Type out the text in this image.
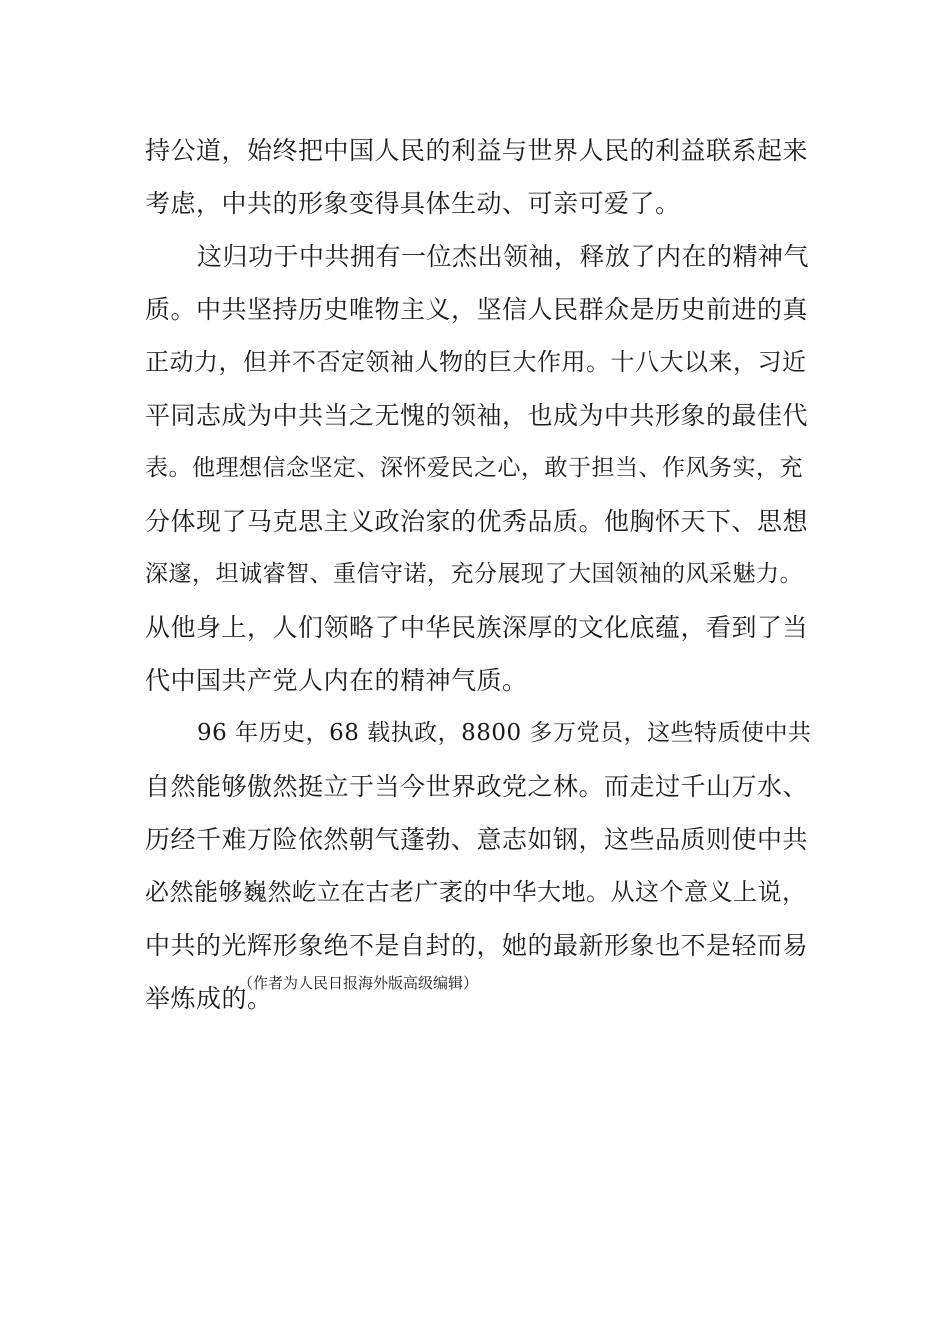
持公道，始终把中国人民的利益与世界人民的利益联系起来
考虑，中共的形象变得具体生动、可亲可爱了。
这归功于中共拥有一位杰出领袖，释放了内在的精神气
质。中共坚持历史唯物主义，坚信人民群众是历史前进的真
正动力，但并不否定领袖人物的巨大作用。十八大以来，习近
平同志成为中共当之无愧的领袖，也成为中共形象的最佳代
表。他理想信念坚定、深怀爱民之心，敢于担当、作风务实，充
分体现了马克思主义政治家的优秀品质。他胸怀天下、思想
深邃，坦诚睿智、重信守诺，充分展现了大国领袖的风采魅力。
从他身上，人们领略了中华民族深厚的文化底蕴，看到了当
代中国共产党人内在的精神气质。
96 年历史，68 载执政，8800 多万党员，这些特质使中共
自然能够傲然挺立于当今世界政党之林。而走过千山万水、
历经千难万险依然朝气蓬勃、意志如钢，这些品质则使中共
必然能够巍然屹立在古老广袤的中华大地。从这个意义上说，
中共的光辉形象绝不是自封的，她的最新形象也不是轻而易
举炼成的。
（作者为人民日报海外版高级编辑）
